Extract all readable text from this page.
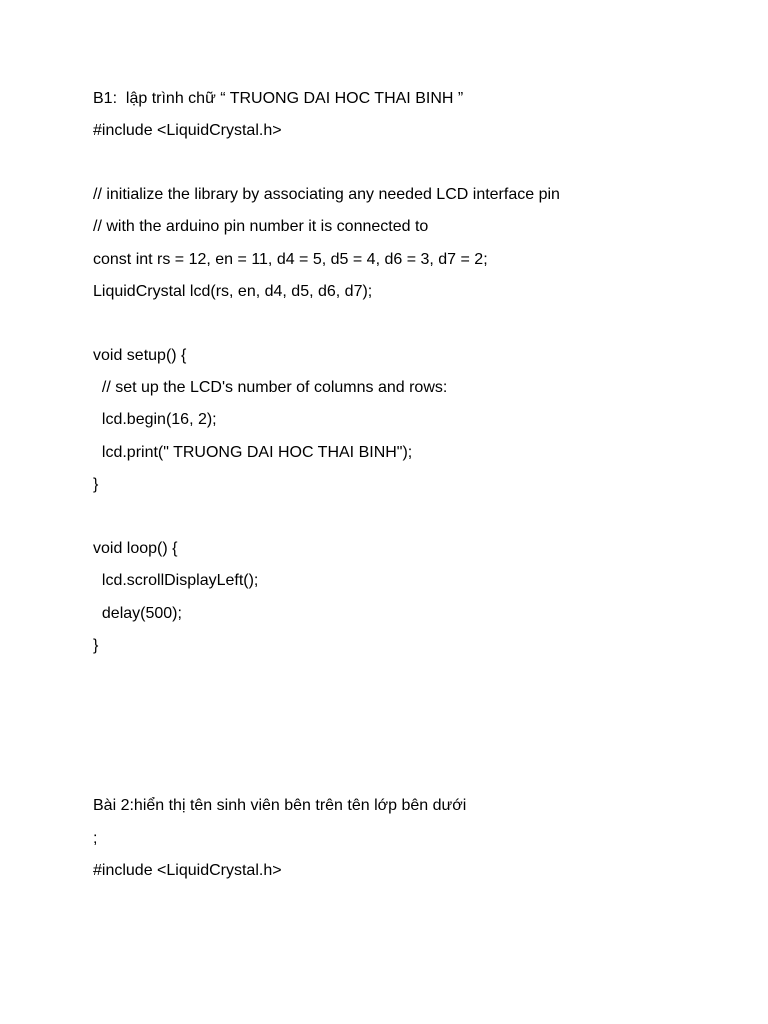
B1:  lập trình chữ “ TRUONG DAI HOC THAI BINH ”
#include <LiquidCrystal.h>
// initialize the library by associating any needed LCD interface pin
// with the arduino pin number it is connected to
const int rs = 12, en = 11, d4 = 5, d5 = 4, d6 = 3, d7 = 2;
LiquidCrystal lcd(rs, en, d4, d5, d6, d7);
void setup() {
// set up the LCD's number of columns and rows:
lcd.begin(16, 2);
lcd.print(" TRUONG DAI HOC THAI BINH");
}
void loop() {
lcd.scrollDisplayLeft();
delay(500);
}
Bài 2:hiển thị tên sinh viên bên trên tên lớp bên dưới
;
#include <LiquidCrystal.h>
